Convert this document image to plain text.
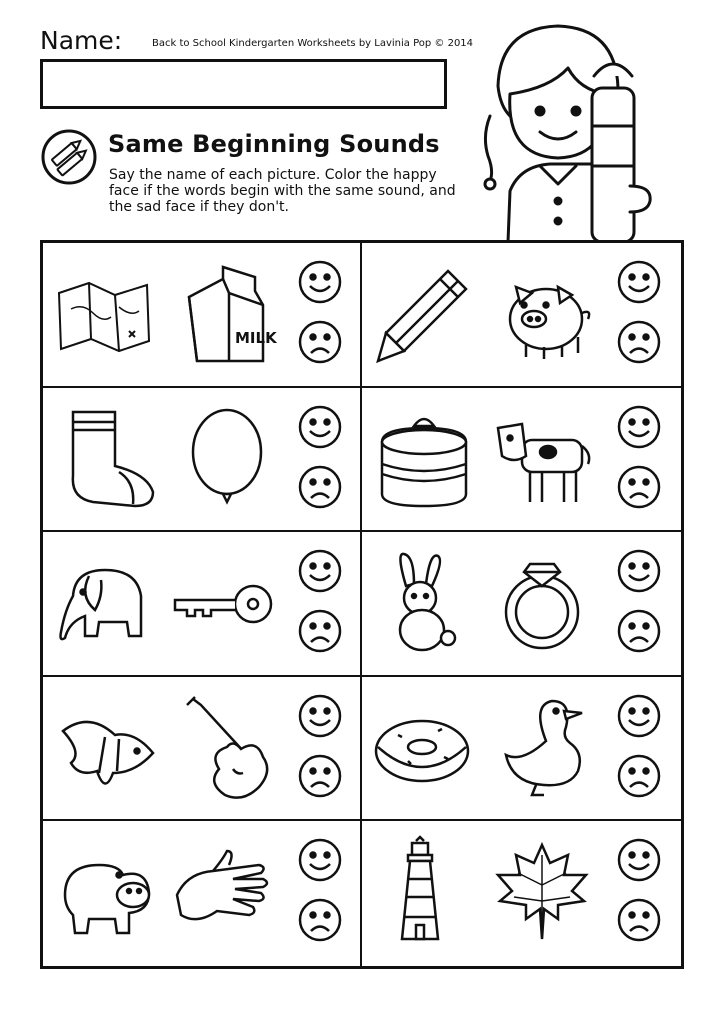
Name:	Back to School Kindergarten Worksheets by Lavinia Pop © 2014
Same Beginning Sounds
Say the name of each picture. Color the happy face if the words begin with the same sound, and the sad face if they don't.
MILK
